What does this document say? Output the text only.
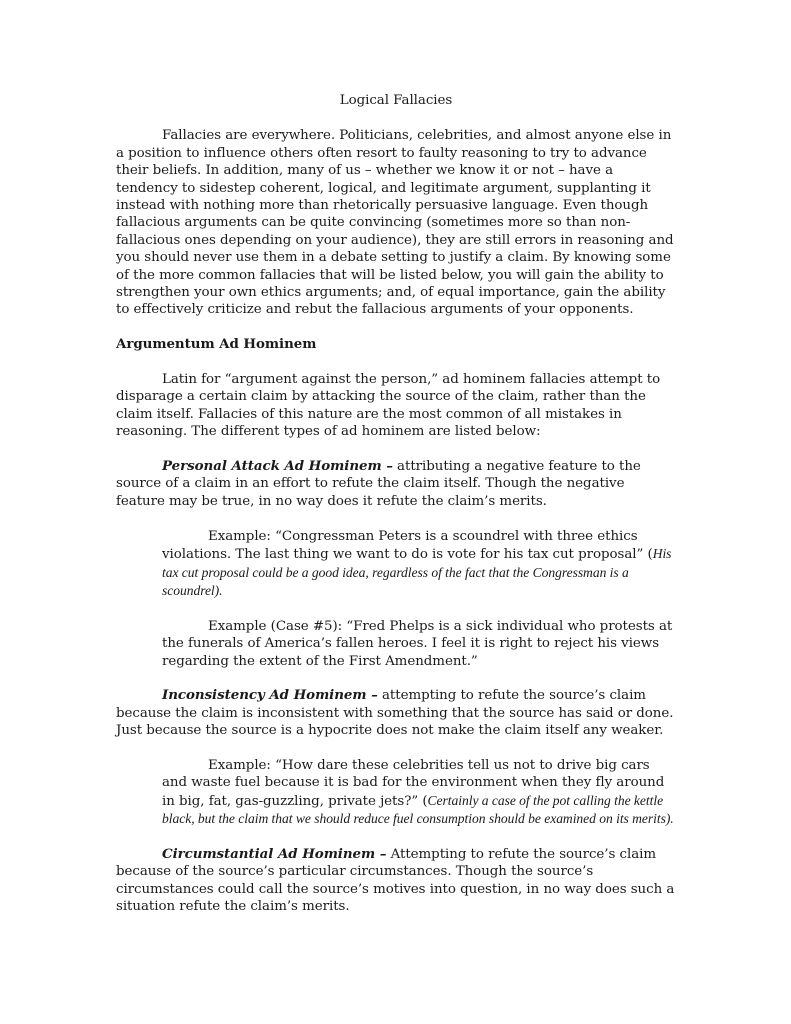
Logical Fallacies

Fallacies are everywhere. Politicians, celebrities, and almost anyone else in a position to influence others often resort to faulty reasoning to try to advance their beliefs. In addition, many of us – whether we know it or not – have a tendency to sidestep coherent, logical, and legitimate argument, supplanting it instead with nothing more than rhetorically persuasive language. Even though fallacious arguments can be quite convincing (sometimes more so than non-fallacious ones depending on your audience), they are still errors in reasoning and you should never use them in a debate setting to justify a claim. By knowing some of the more common fallacies that will be listed below, you will gain the ability to strengthen your own ethics arguments; and, of equal importance, gain the ability to effectively criticize and rebut the fallacious arguments of your opponents.

Argumentum Ad Hominem

Latin for “argument against the person,” ad hominem fallacies attempt to disparage a certain claim by attacking the source of the claim, rather than the claim itself. Fallacies of this nature are the most common of all mistakes in reasoning. The different types of ad hominem are listed below:

Personal Attack Ad Hominem – attributing a negative feature to the source of a claim in an effort to refute the claim itself. Though the negative feature may be true, in no way does it refute the claim’s merits.

Example: “Congressman Peters is a scoundrel with three ethics violations. The last thing we want to do is vote for his tax cut proposal” (His tax cut proposal could be a good idea, regardless of the fact that the Congressman is a scoundrel).

Example (Case #5): “Fred Phelps is a sick individual who protests at the funerals of America’s fallen heroes. I feel it is right to reject his views regarding the extent of the First Amendment.”

Inconsistency Ad Hominem – attempting to refute the source’s claim because the claim is inconsistent with something that the source has said or done. Just because the source is a hypocrite does not make the claim itself any weaker.

Example: “How dare these celebrities tell us not to drive big cars and waste fuel because it is bad for the environment when they fly around in big, fat, gas-guzzling, private jets?” (Certainly a case of the pot calling the kettle black, but the claim that we should reduce fuel consumption should be examined on its merits).

Circumstantial Ad Hominem – Attempting to refute the source’s claim because of the source’s particular circumstances. Though the source’s circumstances could call the source’s motives into question, in no way does such a situation refute the claim’s merits.
